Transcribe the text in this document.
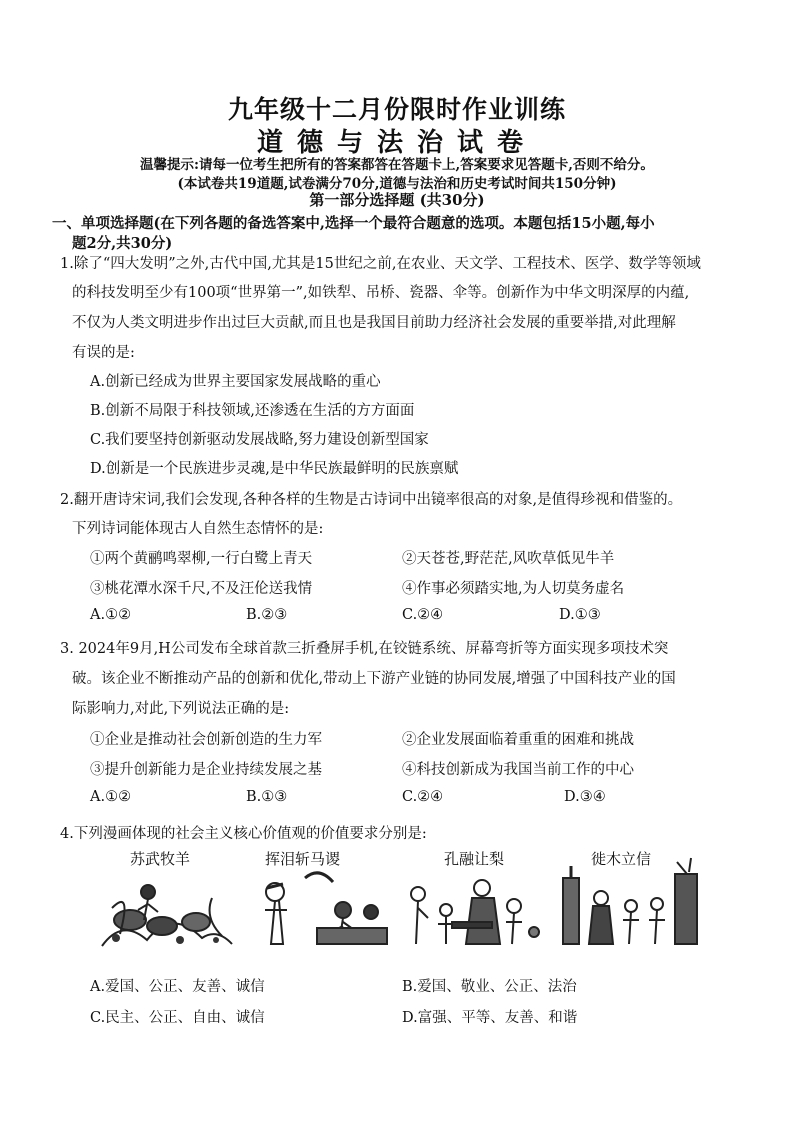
九年级十二月份限时作业训练
道德与法治试卷
温馨提示:请每一位考生把所有的答案都答在答题卡上,答案要求见答题卡,否则不给分。
(本试卷共19道题,试卷满分70分,道德与法治和历史考试时间共150分钟)
第一部分选择题 (共30分)
一、单项选择题(在下列各题的备选答案中,选择一个最符合题意的选项。本题包括15小题,每小
题2分,共30分)
1.除了“四大发明”之外,古代中国,尤其是15世纪之前,在农业、天文学、工程技术、医学、数学等领域
的科技发明至少有100项“世界第一”,如铁犁、吊桥、瓷器、伞等。创新作为中华文明深厚的内蕴,
不仅为人类文明进步作出过巨大贡献,而且也是我国目前助力经济社会发展的重要举措,对此理解
有误的是:
A.创新已经成为世界主要国家发展战略的重心
B.创新不局限于科技领域,还渗透在生活的方方面面
C.我们要坚持创新驱动发展战略,努力建设创新型国家
D.创新是一个民族进步灵魂,是中华民族最鲜明的民族禀赋
2.翻开唐诗宋词,我们会发现,各种各样的生物是古诗词中出镜率很高的对象,是值得珍视和借鉴的。
下列诗词能体现古人自然生态情怀的是:
①两个黄鹂鸣翠柳,一行白鹭上青天	②天苍苍,野茫茫,风吹草低见牛羊
③桃花潭水深千尺,不及汪伦送我情	④作事必须踏实地,为人切莫务虚名
A.①②	B.②③	C.②④	D.①③
3. 2024年9月,H公司发布全球首款三折叠屏手机,在铰链系统、屏幕弯折等方面实现多项技术突
破。该企业不断推动产品的创新和优化,带动上下游产业链的协同发展,增强了中国科技产业的国
际影响力,对此,下列说法正确的是:
①企业是推动社会创新创造的生力军	②企业发展面临着重重的困难和挑战
③提升创新能力是企业持续发展之基	④科技创新成为我国当前工作的中心
A.①②	B.①③	C.②④	D.③④
4.下列漫画体现的社会主义核心价值观的价值要求分别是:
苏武牧羊	挥泪斩马谡	孔融让梨	徙木立信
A.爱国、公正、友善、诚信	B.爱国、敬业、公正、法治
C.民主、公正、自由、诚信	D.富强、平等、友善、和谐
